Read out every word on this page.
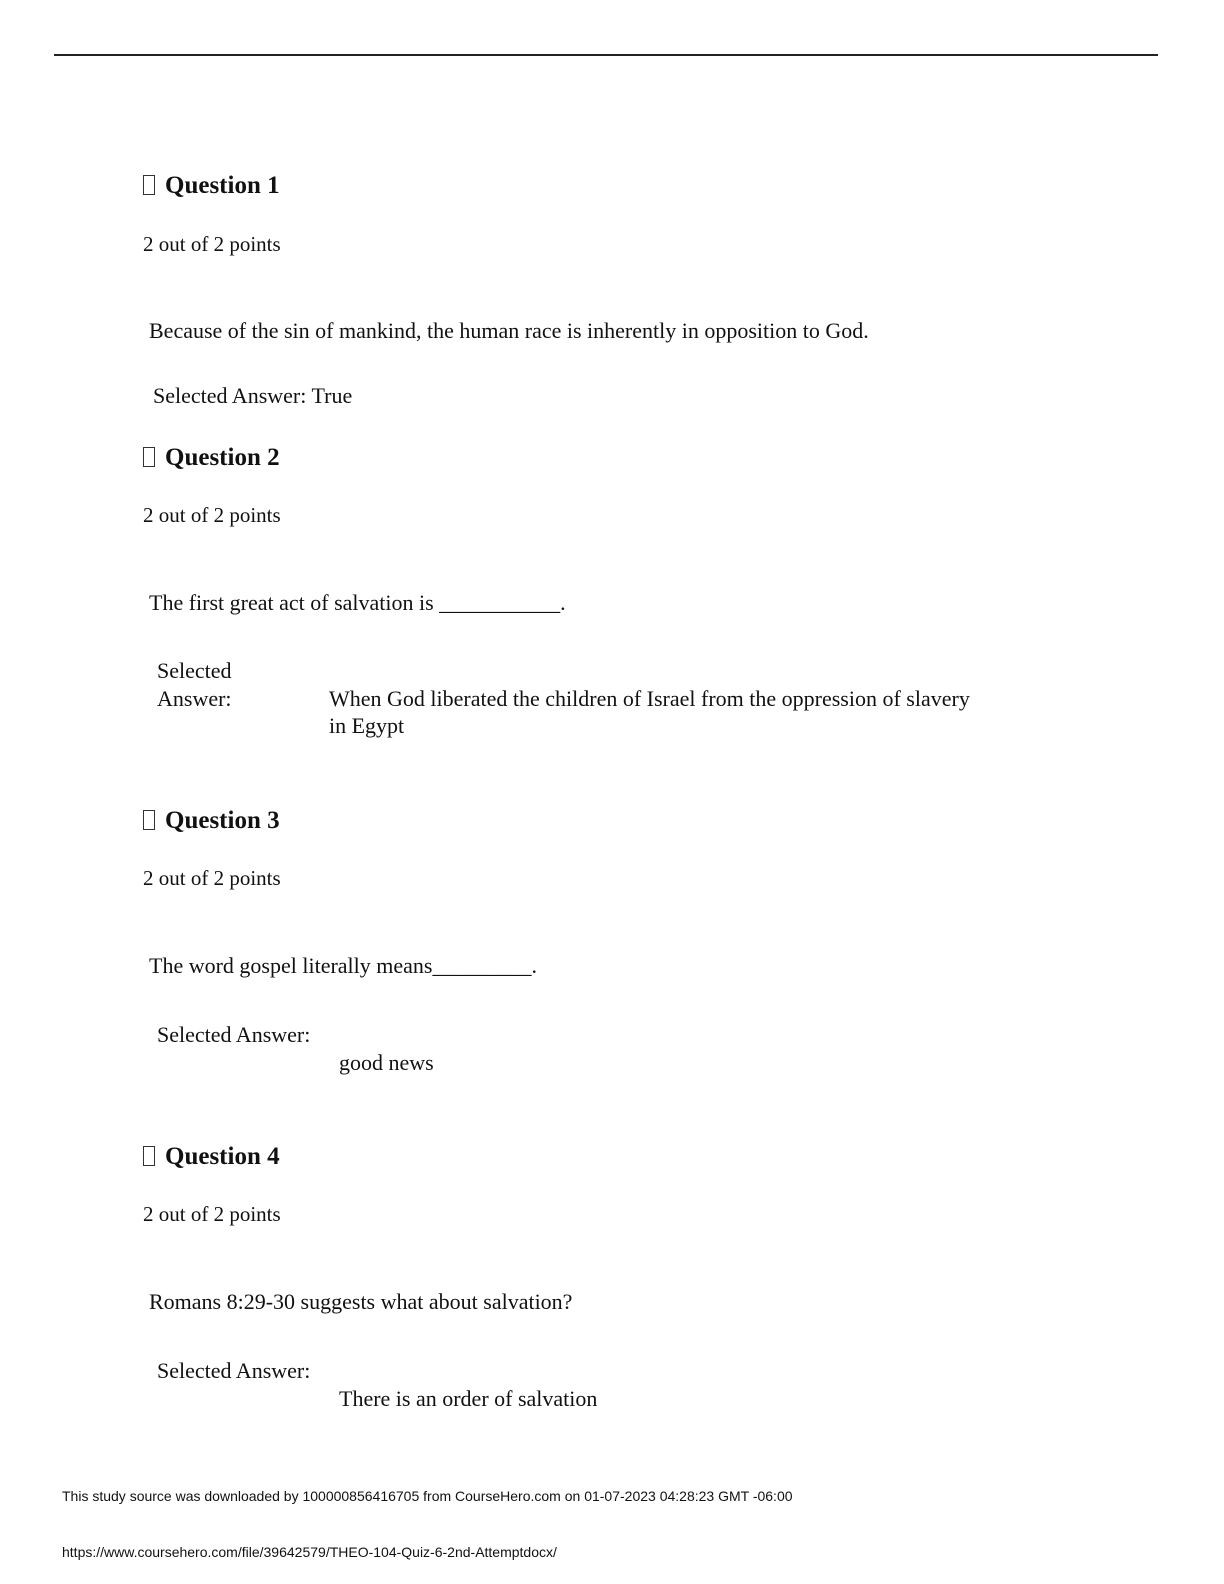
Question 1
2 out of 2 points
Because of the sin of mankind, the human race is inherently in opposition to God.
Selected Answer: True
Question 2
2 out of 2 points
The first great act of salvation is ___________.
Selected
Answer:	When God liberated the children of Israel from the oppression of slavery
in Egypt
Question 3
2 out of 2 points
The word gospel literally means_________.
Selected Answer:
good news
Question 4
2 out of 2 points
Romans 8:29-30 suggests what about salvation?
Selected Answer:
There is an order of salvation
This study source was downloaded by 100000856416705 from CourseHero.com on 01-07-2023 04:28:23 GMT -06:00
https://www.coursehero.com/file/39642579/THEO-104-Quiz-6-2nd-Attemptdocx/
